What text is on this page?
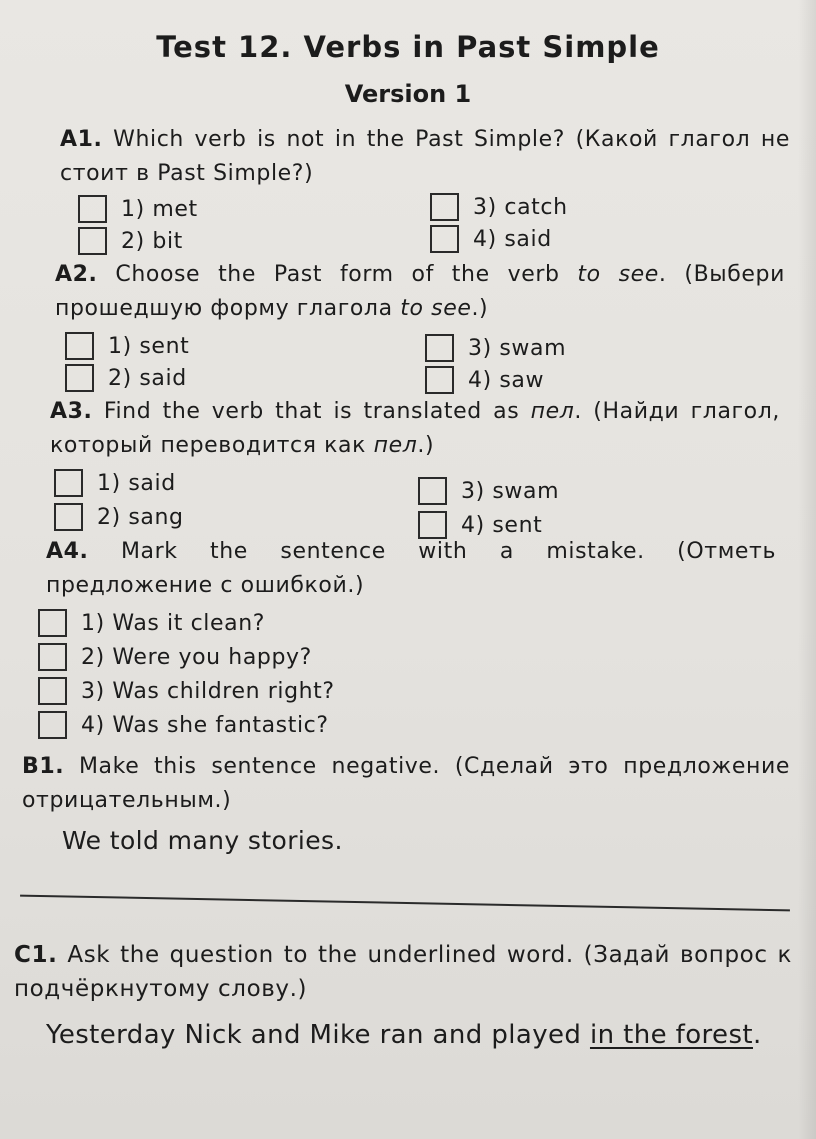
Test 12. Verbs in Past Simple
Version 1
A1. Which verb is not in the Past Simple? (Какой глагол не стоит в Past Simple?)
1) met
2) bit
3) catch
4) said
A2. Choose the Past form of the verb to see. (Выбери прошедшую форму глагола to see.)
1) sent
2) said
3) swam
4) saw
A3. Find the verb that is translated as пел. (Найди глагол, который переводится как пел.)
1) said
2) sang
3) swam
4) sent
A4. Mark the sentence with a mistake. (Отметь предложение с ошибкой.)
1) Was it clean?
2) Were you happy?
3) Was children right?
4) Was she fantastic?
B1. Make this sentence negative. (Сделай это предложение отрицательным.)
We told many stories.
C1. Ask the question to the underlined word. (Задай вопрос к подчёркнутому слову.)
Yesterday Nick and Mike ran and played in the forest.
